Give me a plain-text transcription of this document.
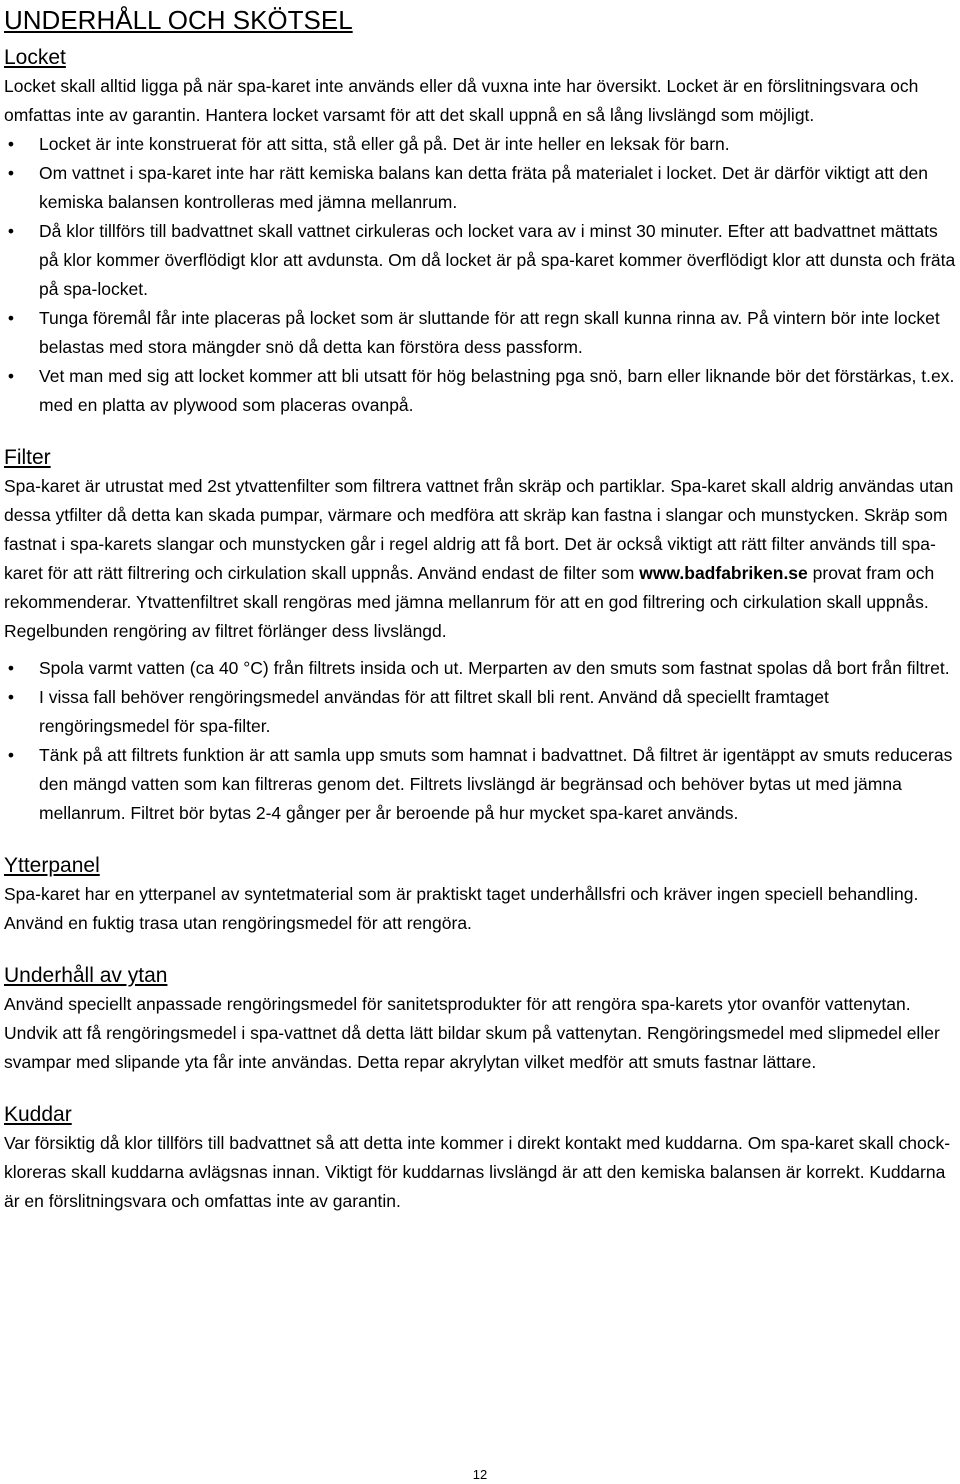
UNDERHÅLL OCH SKÖTSEL
Locket

Locket skall alltid ligga på när spa-karet inte används eller då vuxna inte har översikt. Locket är en förslitningsvara och omfattas inte av garantin. Hantera locket varsamt för att det skall uppnå en så lång livslängd som möjligt.

• Locket är inte konstruerat för att sitta, stå eller gå på. Det är inte heller en leksak för barn.
• Om vattnet i spa-karet inte har rätt kemiska balans kan detta fräta på materialet i locket. Det är därför viktigt att den kemiska balansen kontrolleras med jämna mellanrum.
• Då klor tillförs till badvattnet skall vattnet cirkuleras och locket vara av i minst 30 minuter. Efter att badvattnet mättats på klor kommer överflödigt klor att avdunsta. Om då locket är på spa-karet kommer överflödigt klor att dunsta och fräta på spa-locket.
• Tunga föremål får inte placeras på locket som är sluttande för att regn skall kunna rinna av. På vintern bör inte locket belastas med stora mängder snö då detta kan förstöra dess passform.
• Vet man med sig att locket kommer att bli utsatt för hög belastning pga snö, barn eller liknande bör det förstärkas, t.ex. med en platta av plywood som placeras ovanpå.
Filter

Spa-karet är utrustat med 2st ytvattenfilter som filtrera vattnet från skräp och partiklar. Spa-karet skall aldrig användas utan dessa ytfilter då detta kan skada pumpar, värmare och medföra att skräp kan fastna i slangar och munstycken. Skräp som fastnat i spa-karets slangar och munstycken går i regel aldrig att få bort. Det är också viktigt att rätt filter används till spa-karet för att rätt filtrering och cirkulation skall uppnås. Använd endast de filter som www.badfabriken.se provat fram och rekommenderar. Ytvattenfiltret skall rengöras med jämna mellanrum för att en god filtrering och cirkulation skall uppnås. Regelbunden rengöring av filtret förlänger dess livslängd.

• Spola varmt vatten (ca 40 °C) från filtrets insida och ut. Merparten av den smuts som fastnat spolas då bort från filtret.
• I vissa fall behöver rengöringsmedel användas för att filtret skall bli rent. Använd då speciellt framtaget rengöringsmedel för spa-filter.
• Tänk på att filtrets funktion är att samla upp smuts som hamnat i badvattnet. Då filtret är igentäppt av smuts reduceras den mängd vatten som kan filtreras genom det. Filtrets livslängd är begränsad och behöver bytas ut med jämna mellanrum. Filtret bör bytas 2-4 gånger per år beroende på hur mycket spa-karet används.
Ytterpanel

Spa-karet har en ytterpanel av syntetmaterial som är praktiskt taget underhållsfri och kräver ingen speciell behandling. Använd en fuktig trasa utan rengöringsmedel för att rengöra.

Underhåll av ytan

Använd speciellt anpassade rengöringsmedel för sanitetsprodukter för att rengöra spa-karets ytor ovanför vattenytan. Undvik att få rengöringsmedel i spa-vattnet då detta lätt bildar skum på vattenytan. Rengöringsmedel med slipmedel eller svampar med slipande yta får inte användas. Detta repar akrylytan vilket medför att smuts fastnar lättare.

Kuddar

Var försiktig då klor tillförs till badvattnet så att detta inte kommer i direkt kontakt med kuddarna. Om spa-karet skall chock-kloreras skall kuddarna avlägsnas innan. Viktigt för kuddarnas livslängd är att den kemiska balansen är korrekt. Kuddarna är en förslitningsvara och omfattas inte av garantin.

12
